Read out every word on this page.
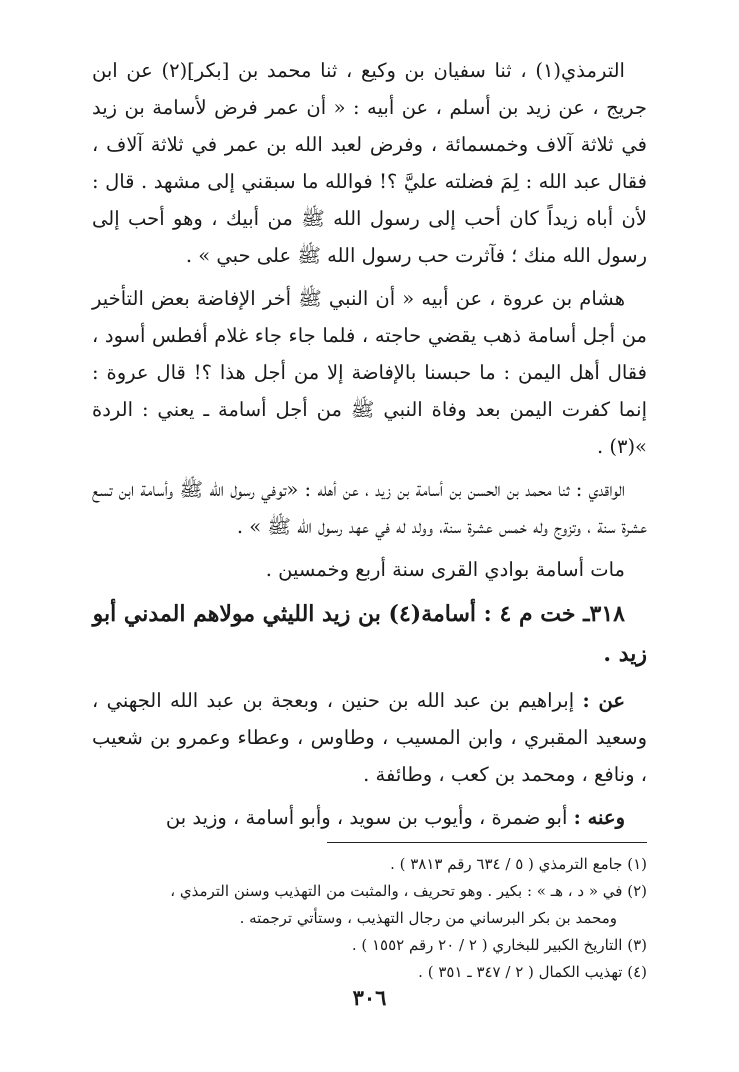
الترمذي(١) ، ثنا سفيان بن وكيع ، ثنا محمد بن [بكر](٢) عن ابن جريج ، عن زيد بن أسلم ، عن أبيه : « أن عمر فرض لأسامة بن زيد في ثلاثة آلاف وخمسمائة ، وفرض لعبد الله بن عمر في ثلاثة آلاف ، فقال عبد الله : لِمَ فضلته عليَّ ؟! فوالله ما سبقني إلى مشهد . قال : لأن أباه زيداً كان أحب إلى رسول الله ﷺ من أبيك ، وهو أحب إلى رسول الله منك ؛ فآثرت حب رسول الله ﷺ على حبي » .

هشام بن عروة ، عن أبيه « أن النبي ﷺ أخر الإفاضة بعض التأخير من أجل أسامة ذهب يقضي حاجته ، فلما جاء جاء غلام أفطس أسود ، فقال أهل اليمن : ما حبسنا بالإفاضة إلا من أجل هذا ؟! قال عروة : إنما كفرت اليمن بعد وفاة النبي ﷺ من أجل أسامة ـ يعني : الردة »(٣) .

الواقدي : ثنا محمد بن الحسن بن أسامة بن زيد ، عن أهله : «توفي رسول الله ﷺ وأسامة ابن تسع عشرة سنة ، وتزوج وله خمس عشرة سنة، وولد له في عهد رسول الله ﷺ » .

مات أسامة بوادي القرى سنة أربع وخمسين .

٣١٨ـ خت م ٤ : أسامة(٤) بن زيد الليثي مولاهم المدني أبو زيد .

عن : إبراهيم بن عبد الله بن حنين ، وبعجة بن عبد الله الجهني ، وسعيد المقبري ، وابن المسيب ، وطاوس ، وعطاء وعمرو بن شعيب ، ونافع ، ومحمد بن كعب ، وطائفة .

وعنه : أبو ضمرة ، وأيوب بن سويد ، وأبو أسامة ، وزيد بن

(١) جامع الترمذي ( ٥ / ٦٣٤ رقم ٣٨١٣ ) .

(٢) في « د ، هـ » : بكير . وهو تحريف ، والمثبت من التهذيب وسنن الترمذي ،

ومحمد بن بكر البرساني من رجال التهذيب ، وستأتي ترجمته .

(٣) التاريخ الكبير للبخاري ( ٢ / ٢٠ رقم ١٥٥٢ ) .

(٤) تهذيب الكمال ( ٢ / ٣٤٧ ـ ٣٥١ ) .

٣٠٦
